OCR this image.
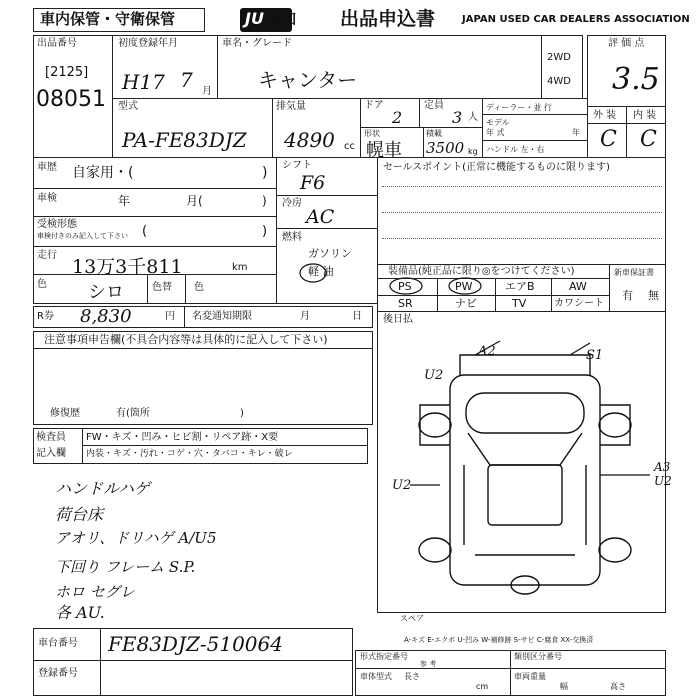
車内保管・守衛保管	JU 愛知 出品申込書	JAPAN USED CAR DEALERS ASSOCIATION
出品番号
[2125]
08051
初度登録年月
H17 7 月
車名・グレード
キャンター
2WD
4WD
評 価 点
3.5
外 装 内 装
C C
型式
PA-FE83DJZ
排気量
4890 cc
ドア
2
定員
3 人
形状
幌車
積載
3500 kg
ディーラー・並 行
モデル
年 式	年
ハンドル 左・右
車歴 自家用・(	)
車検	年	月(	)
受検形態
車検付きのみ記入して下さい (	)
走行
13万3千811	km
色 シロ	色替 色
シフト
F6
冷房
AC
燃料
ガソリン
軽 油
セールスポイント(正常に機能するものに限ります)
装備品(純正品に限り◎をつけてください)
PS	PW	エアB	AW
SR	ナビ	TV	カワシート
新車保証書
有 無
R券 8,830	円 名変通知期限	月	日 後日払
注意事項申告欄(不具合内容等は具体的に記入して下さい)
修復歴	有(箇所	)
検査員
記入欄
FW・キズ・凹み・ヒビ割・リペア跡・X要
内装・キズ・汚れ・コゲ・穴・タバコ・キレ・破レ
ハンドルハゲ
荷台床
アオリ、ドリハゲ A/U5
下回り フレーム S.P.
ホロ セグレ
各 AU.
A2	S1
U2
U2
A3
U2
スペア
A-キズ E-エクボ U-凹み W-補修跡 S-サビ C-腐食 XX-交換済
車台番号 FE83DJZ-510064
登録番号
形式指定番号
参 考
類別区分番号
車体型式 長さ
cm
車両重量
幅	高さ
